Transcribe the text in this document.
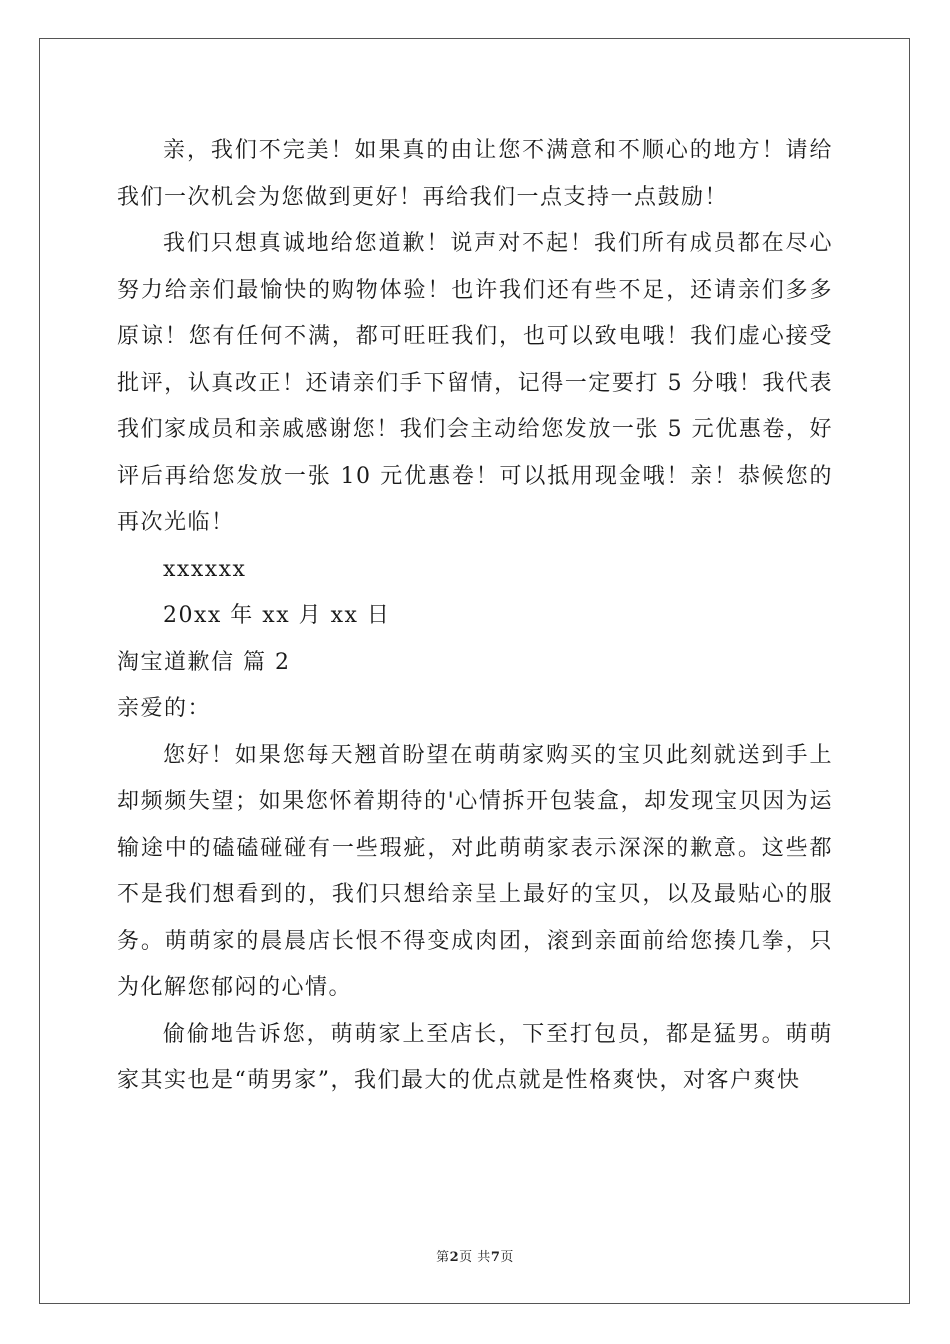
亲，我们不完美！如果真的由让您不满意和不顺心的地方！请给我们一次机会为您做到更好！再给我们一点支持一点鼓励！

我们只想真诚地给您道歉！说声对不起！我们所有成员都在尽心努力给亲们最愉快的购物体验！也许我们还有些不足，还请亲们多多原谅！您有任何不满，都可旺旺我们，也可以致电哦！我们虚心接受批评，认真改正！还请亲们手下留情，记得一定要打 5 分哦！我代表我们家成员和亲戚感谢您！我们会主动给您发放一张 5 元优惠卷，好评后再给您发放一张 10 元优惠卷！可以抵用现金哦！亲！恭候您的再次光临！

xxxxxx

20xx 年 xx 月 xx 日

淘宝道歉信 篇 2

亲爱的：

您好！如果您每天翘首盼望在萌萌家购买的宝贝此刻就送到手上却频频失望；如果您怀着期待的'心情拆开包装盒，却发现宝贝因为运输途中的磕磕碰碰有一些瑕疵，对此萌萌家表示深深的歉意。这些都不是我们想看到的，我们只想给亲呈上最好的宝贝，以及最贴心的服务。萌萌家的晨晨店长恨不得变成肉团，滚到亲面前给您揍几拳，只为化解您郁闷的心情。

偷偷地告诉您，萌萌家上至店长，下至打包员，都是猛男。萌萌家其实也是“萌男家”，我们最大的优点就是性格爽快，对客户爽快

第2页 共7页
